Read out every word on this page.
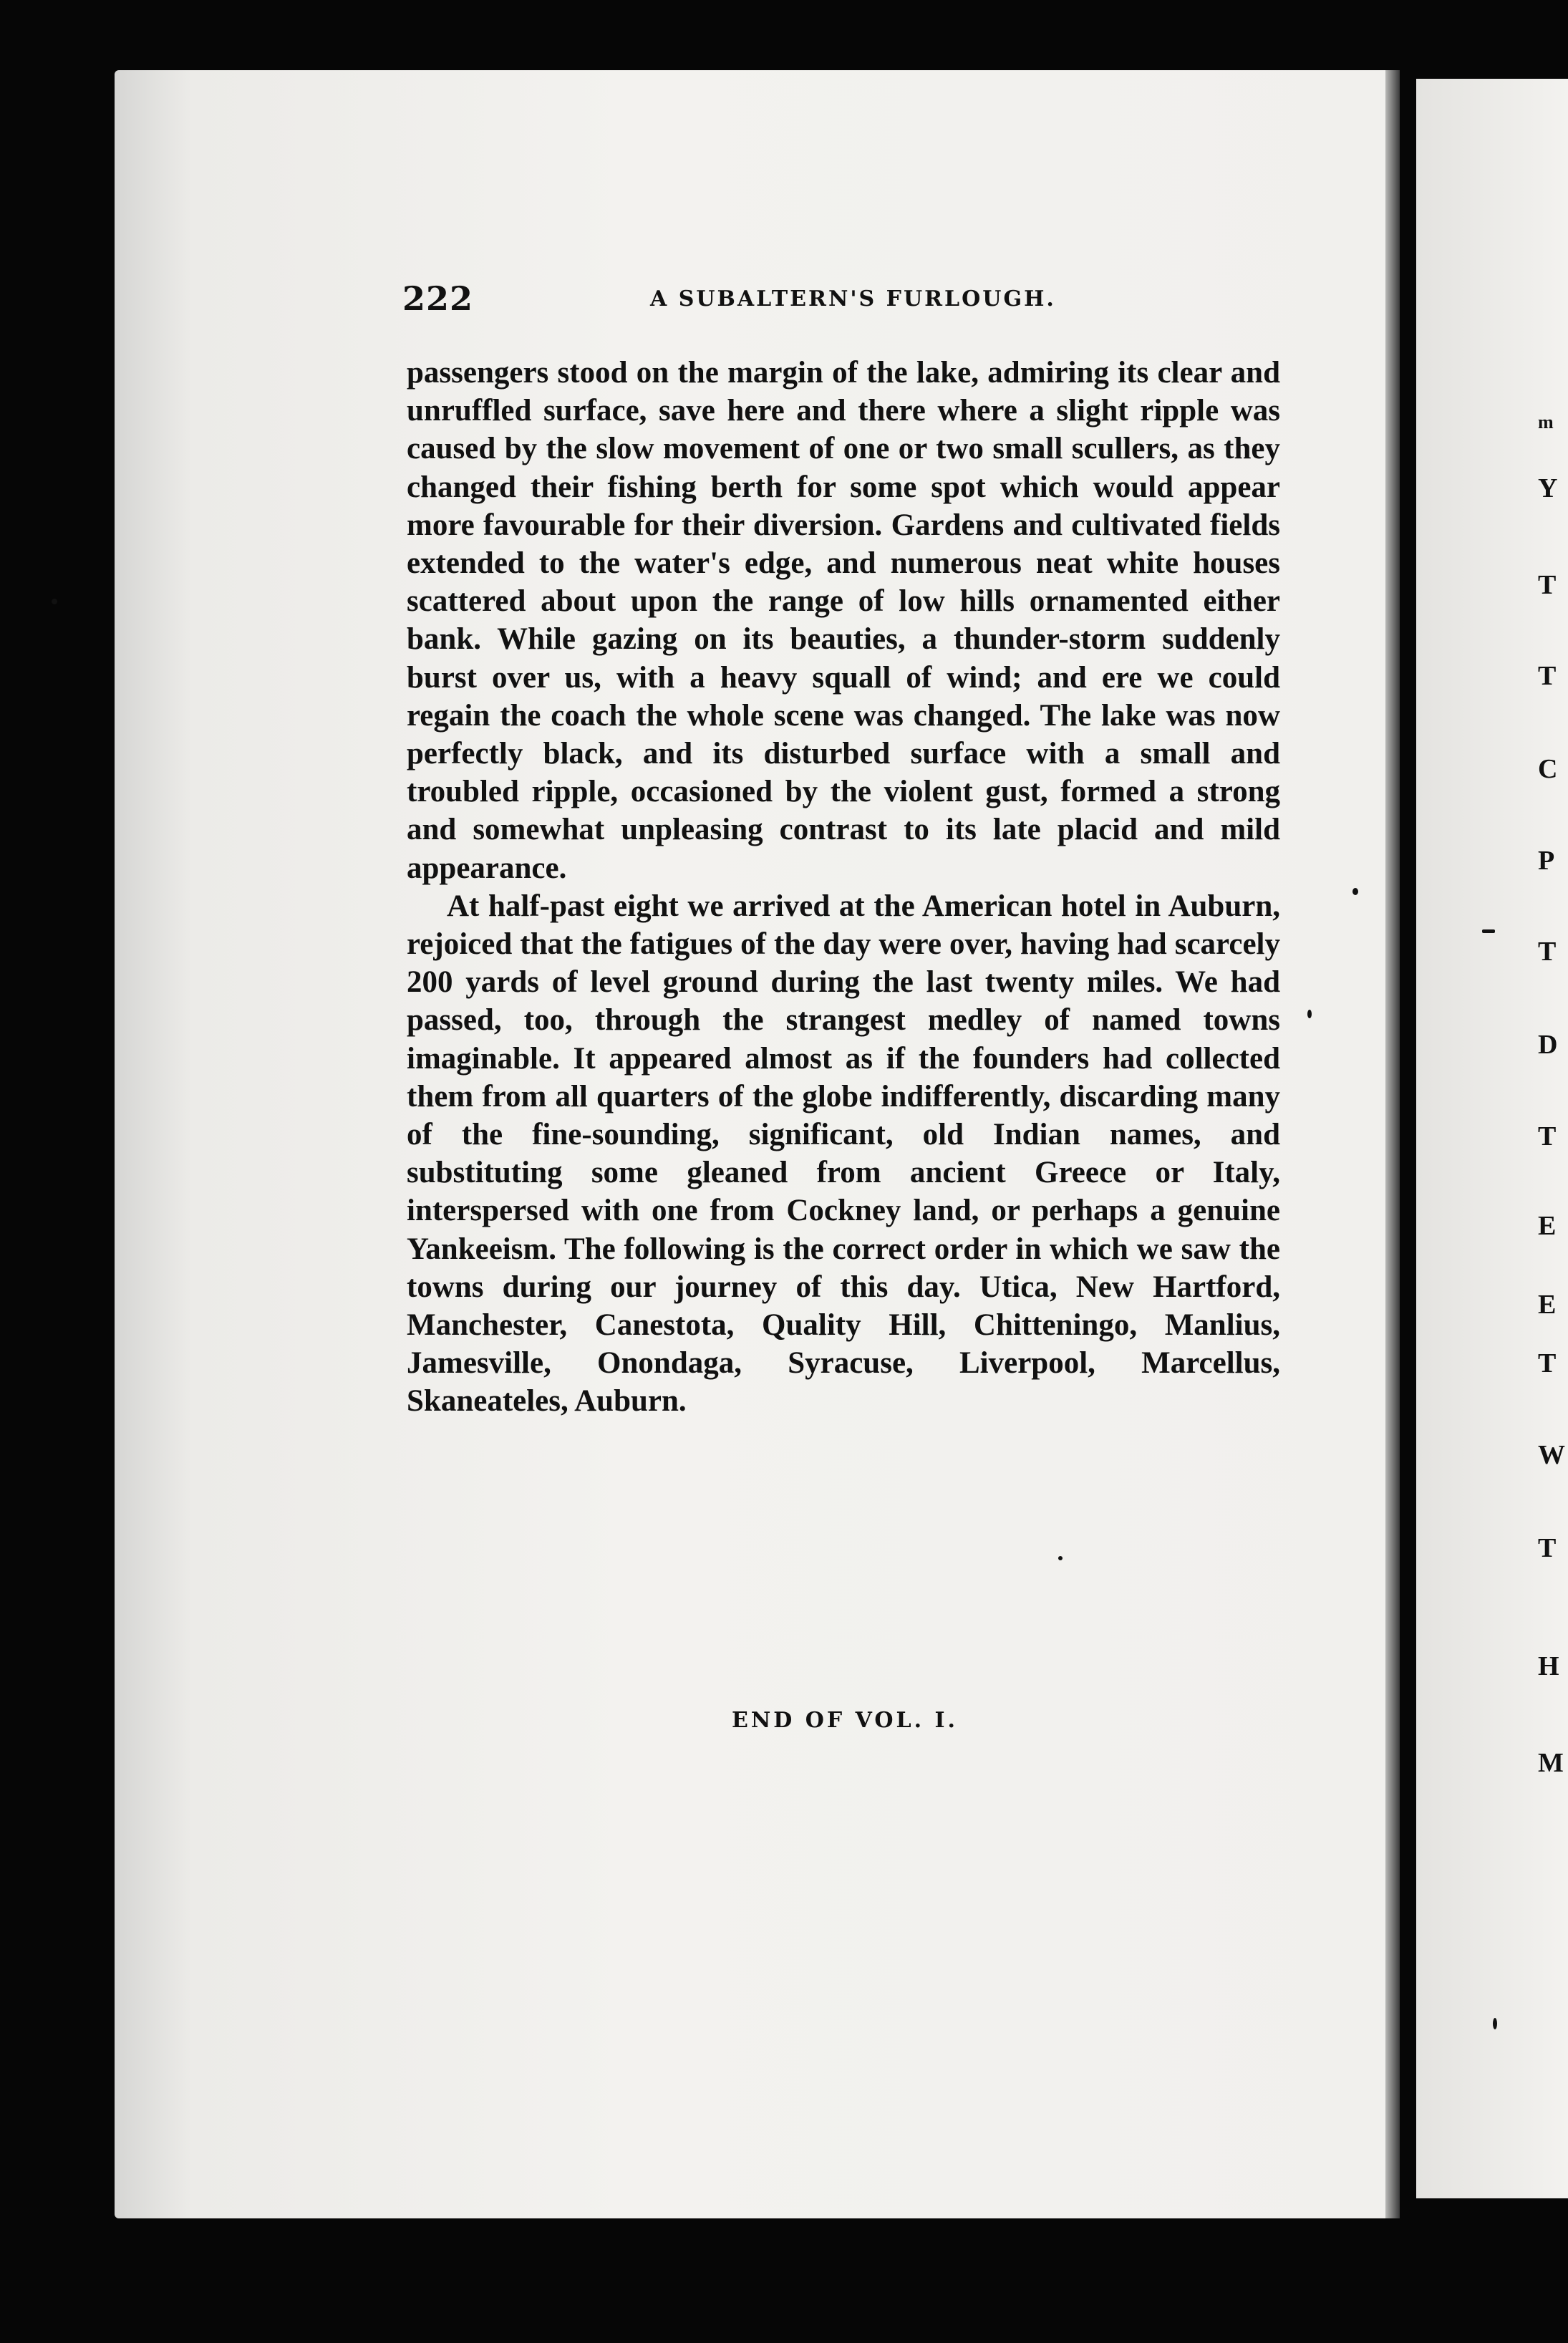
222	A SUBALTERN'S FURLOUGH.

passengers stood on the margin of the lake, admiring its clear and unruffled surface, save here and there where a slight ripple was caused by the slow movement of one or two small scullers, as they changed their fishing berth for some spot which would appear more favourable for their diversion. Gardens and cultivated fields extended to the water's edge, and numerous neat white houses scattered about upon the range of low hills ornamented either bank. While gazing on its beauties, a thunder-storm suddenly burst over us, with a heavy squall of wind; and ere we could regain the coach the whole scene was changed. The lake was now perfectly black, and its disturbed surface with a small and troubled ripple, occasioned by the violent gust, formed a strong and somewhat unpleasing contrast to its late placid and mild appearance.

At half-past eight we arrived at the American hotel in Auburn, rejoiced that the fatigues of the day were over, having had scarcely 200 yards of level ground during the last twenty miles. We had passed, too, through the strangest medley of named towns imaginable. It appeared almost as if the founders had collected them from all quarters of the globe indifferently, discarding many of the fine-sounding, significant, old Indian names, and substituting some gleaned from ancient Greece or Italy, interspersed with one from Cockney land, or perhaps a genuine Yankeeism. The following is the correct order in which we saw the towns during our journey of this day. Utica, New Hartford, Manchester, Canestota, Quality Hill, Chitteningo, Manlius, Jamesville, Onondaga, Syracuse, Liverpool, Marcellus, Skaneateles, Auburn.

END OF VOL. I.
m
Y
T
T
C
P
T
D
T
E
E
T
W
T
H
M
